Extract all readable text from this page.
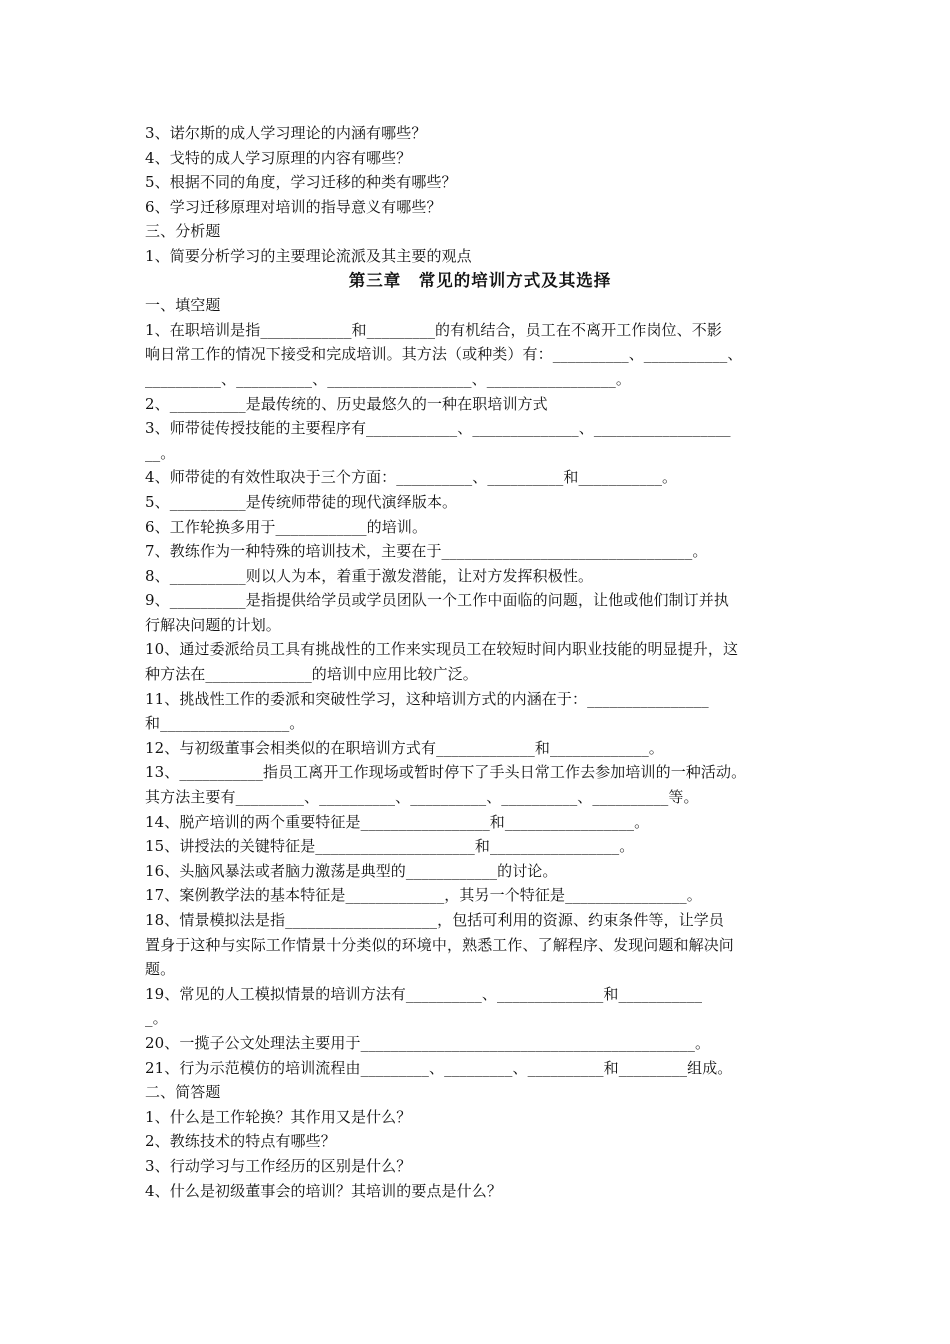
3、诺尔斯的成人学习理论的内涵有哪些？
4、戈特的成人学习原理的内容有哪些？
5、根据不同的角度，学习迁移的种类有哪些？
6、学习迁移原理对培训的指导意义有哪些？
三、分析题
1、简要分析学习的主要理论流派及其主要的观点
第三章　常见的培训方式及其选择
一、填空题
1、在职培训是指____________和_________的有机结合，员工在不离开工作岗位、不影
响日常工作的情况下接受和完成培训。其方法（或种类）有：__________、___________、
__________、__________、___________________、_________________。
2、__________是最传统的、历史最悠久的一种在职培训方式
3、师带徒传授技能的主要程序有____________、______________、__________________
__。
4、师带徒的有效性取决于三个方面：__________、__________和___________。
5、__________是传统师带徒的现代演绎版本。
6、工作轮换多用于____________的培训。
7、教练作为一种特殊的培训技术，主要在于_________________________________。
8、__________则以人为本，着重于激发潜能，让对方发挥积极性。
9、__________是指提供给学员或学员团队一个工作中面临的问题，让他或他们制订并执
行解决问题的计划。
10、通过委派给员工具有挑战性的工作来实现员工在较短时间内职业技能的明显提升，这
种方法在______________的培训中应用比较广泛。
11、挑战性工作的委派和突破性学习，这种培训方式的内涵在于：________________
和_________________。
12、与初级董事会相类似的在职培训方式有_____________和_____________。
13、___________指员工离开工作现场或暂时停下了手头日常工作去参加培训的一种活动。
其方法主要有_________、__________、__________、__________、__________等。
14、脱产培训的两个重要特征是_________________和_________________。
15、讲授法的关键特征是_____________________和_________________。
16、头脑风暴法或者脑力激荡是典型的____________的讨论。
17、案例教学法的基本特征是_____________，其另一个特征是________________。
18、情景模拟法是指____________________，包括可利用的资源、约束条件等，让学员
置身于这种与实际工作情景十分类似的环境中，熟悉工作、了解程序、发现问题和解决问
题。
19、常见的人工模拟情景的培训方法有__________、______________和___________
_。
20、一揽子公文处理法主要用于____________________________________________。
21、行为示范模仿的培训流程由_________、_________、__________和_________组成。
二、简答题
1、什么是工作轮换？其作用又是什么？
2、教练技术的特点有哪些？
3、行动学习与工作经历的区别是什么？
4、什么是初级董事会的培训？其培训的要点是什么？
